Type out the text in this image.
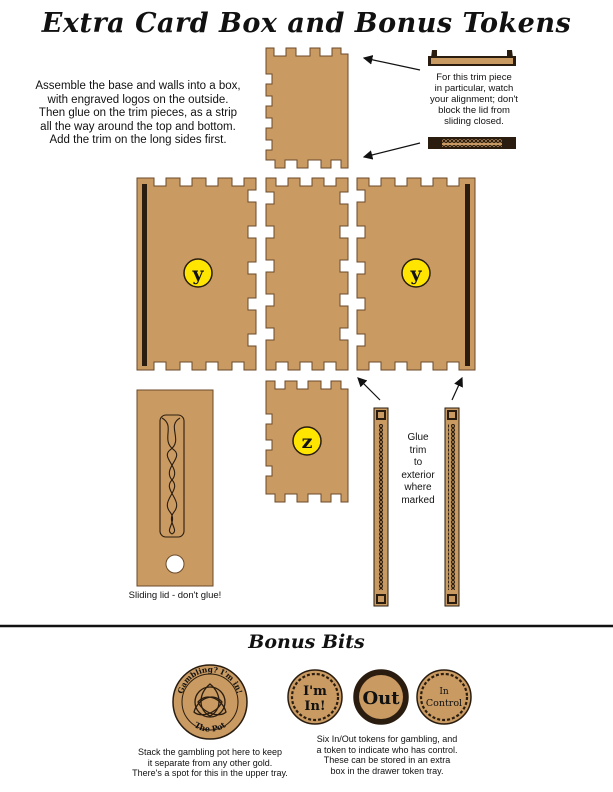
Extra Card Box and Bonus Tokens
Assemble the base and walls into a box,
with engraved logos on the outside.
Then glue on the trim pieces, as a strip
all the way around the top and bottom.
Add the trim on the long sides first.
For this trim piece
in particular, watch
your alignment; don't
block the lid from
sliding closed.
Glue
trim
to
exterior
where
marked
Sliding lid - don't glue!
y	y
z
Gambling? I'm in!
The Pot
I'm
In! Out	In
Control
Bonus Bits
Stack the gambling pot here to keep
it separate from any other gold.
There's a spot for this in the upper tray.
Six In/Out tokens for gambling, and
a token to indicate who has control.
These can be stored in an extra
box in the drawer token tray.
